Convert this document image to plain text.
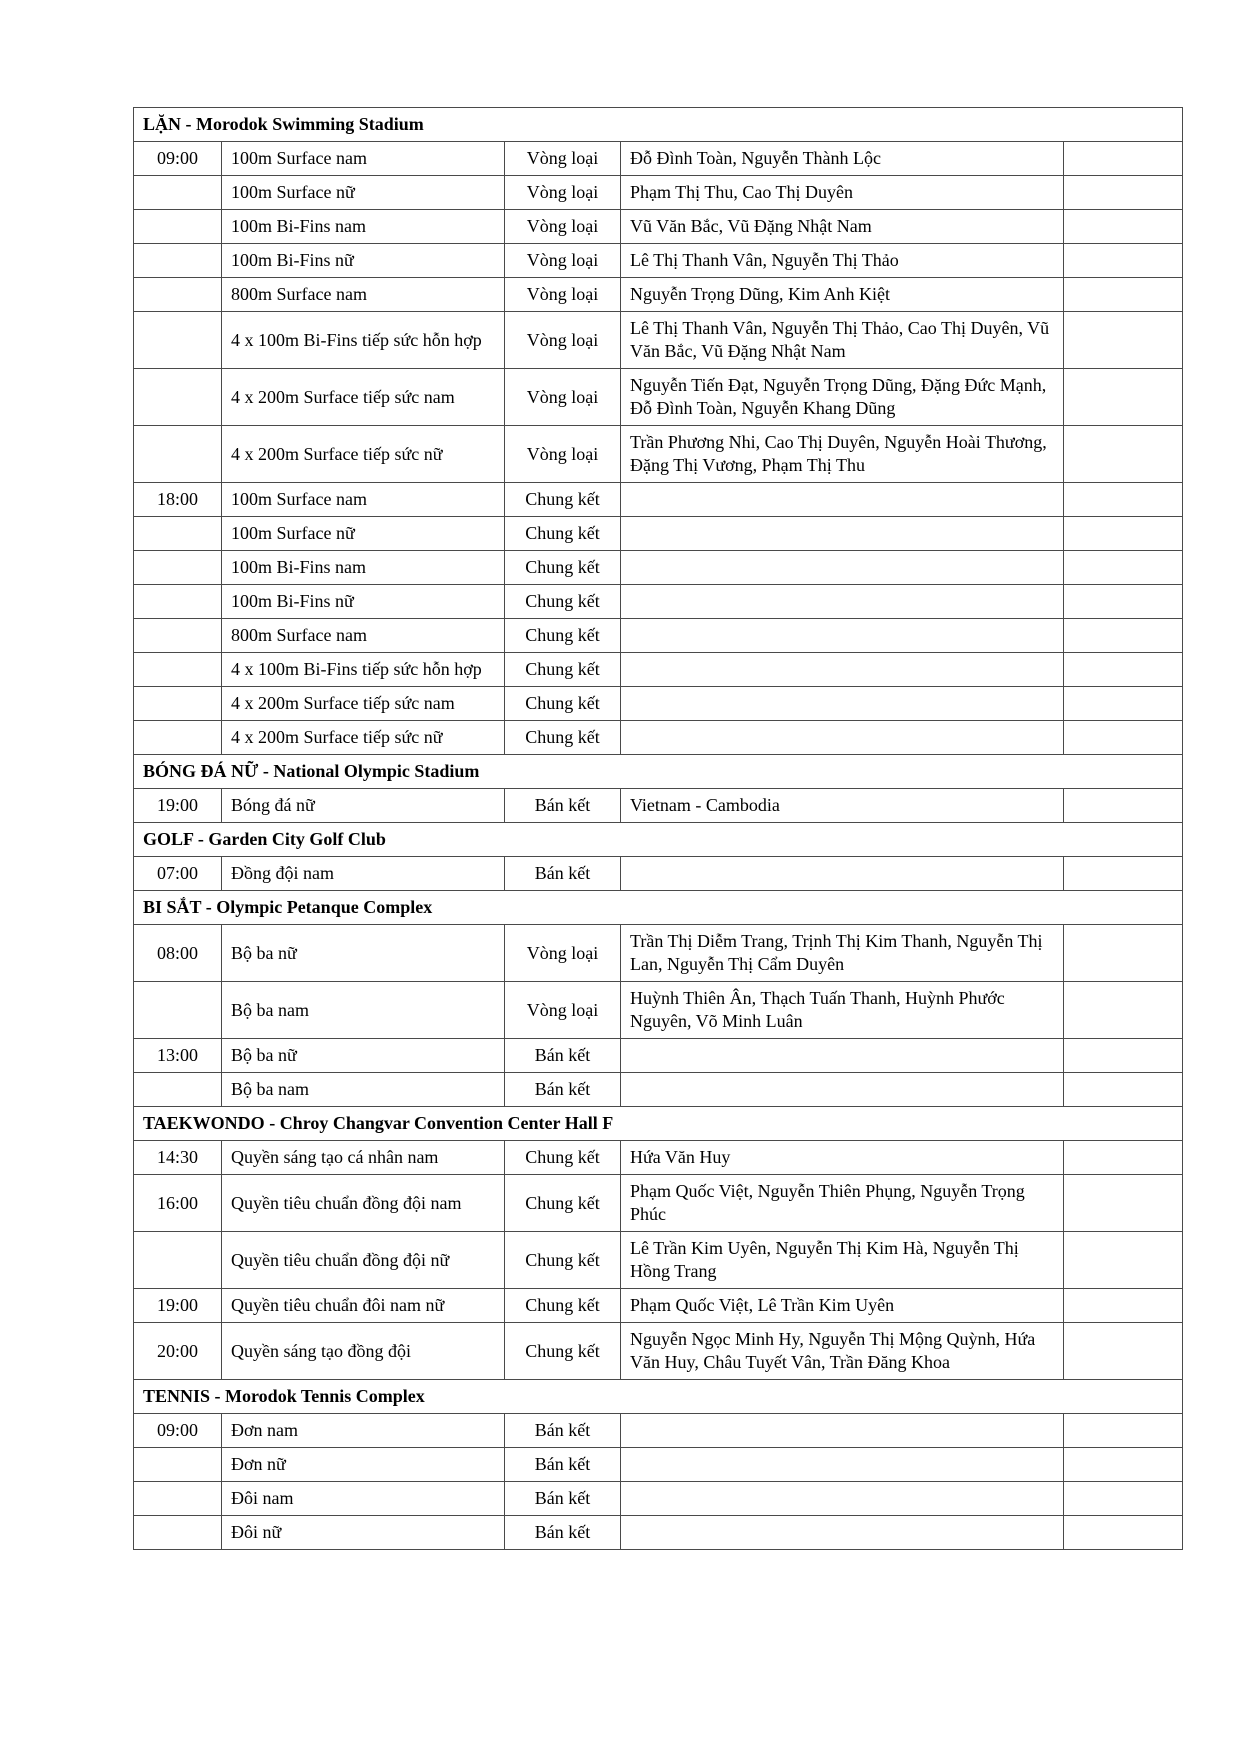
LẶN - Morodok Swimming Stadium				
09:00	100m Surface nam	Vòng loại	Đỗ Đình Toàn, Nguyễn Thành Lộc	
	100m Surface nữ	Vòng loại	Phạm Thị Thu, Cao Thị Duyên	
	100m Bi-Fins nam	Vòng loại	Vũ Văn Bắc, Vũ Đặng Nhật Nam	
	100m Bi-Fins nữ	Vòng loại	Lê Thị Thanh Vân, Nguyễn Thị Thảo	
	800m Surface nam	Vòng loại	Nguyễn Trọng Dũng, Kim Anh Kiệt	
	4 x 100m Bi-Fins tiếp sức hỗn hợp	Vòng loại	Lê Thị Thanh Vân, Nguyễn Thị Thảo, Cao Thị Duyên, Vũ Văn Bắc, Vũ Đặng Nhật Nam	
	4 x 200m Surface tiếp sức nam	Vòng loại	Nguyễn Tiến Đạt, Nguyễn Trọng Dũng, Đặng Đức Mạnh, Đỗ Đình Toàn, Nguyễn Khang Dũng	
	4 x 200m Surface tiếp sức nữ	Vòng loại	Trần Phương Nhi, Cao Thị Duyên, Nguyễn Hoài Thương, Đặng Thị Vương, Phạm Thị Thu	
18:00	100m Surface nam	Chung kết		
	100m Surface nữ	Chung kết		
	100m Bi-Fins nam	Chung kết		
	100m Bi-Fins nữ	Chung kết		
	800m Surface nam	Chung kết		
	4 x 100m Bi-Fins tiếp sức hỗn hợp	Chung kết		
	4 x 200m Surface tiếp sức nam	Chung kết		
	4 x 200m Surface tiếp sức nữ	Chung kết		
BÓNG ĐÁ NỮ - National Olympic Stadium				
19:00	Bóng đá nữ	Bán kết	Vietnam - Cambodia	
GOLF - Garden City Golf Club				
07:00	Đồng đội nam	Bán kết		
BI SẮT - Olympic Petanque Complex				
08:00	Bộ ba nữ	Vòng loại	Trần Thị Diễm Trang, Trịnh Thị Kim Thanh, Nguyễn Thị Lan, Nguyễn Thị Cẩm Duyên	
	Bộ ba nam	Vòng loại	Huỳnh Thiên Ân, Thạch Tuấn Thanh, Huỳnh Phước Nguyên, Võ Minh Luân	
13:00	Bộ ba nữ	Bán kết		
	Bộ ba nam	Bán kết		
TAEKWONDO - Chroy Changvar Convention Center Hall F				
14:30	Quyền sáng tạo cá nhân nam	Chung kết	Hứa Văn Huy	
16:00	Quyền tiêu chuẩn đồng đội nam	Chung kết	Phạm Quốc Việt, Nguyễn Thiên Phụng, Nguyễn Trọng Phúc	
	Quyền tiêu chuẩn đồng đội nữ	Chung kết	Lê Trần Kim Uyên, Nguyễn Thị Kim Hà, Nguyễn Thị Hồng Trang	
19:00	Quyền tiêu chuẩn đôi nam nữ	Chung kết	Phạm Quốc Việt, Lê Trần Kim Uyên	
20:00	Quyền sáng tạo đồng đội	Chung kết	Nguyễn Ngọc Minh Hy, Nguyễn Thị Mộng Quỳnh, Hứa Văn Huy, Châu Tuyết Vân, Trần Đăng Khoa	
TENNIS - Morodok Tennis Complex				
09:00	Đơn nam	Bán kết		
	Đơn nữ	Bán kết		
	Đôi nam	Bán kết		
	Đôi nữ	Bán kết		
